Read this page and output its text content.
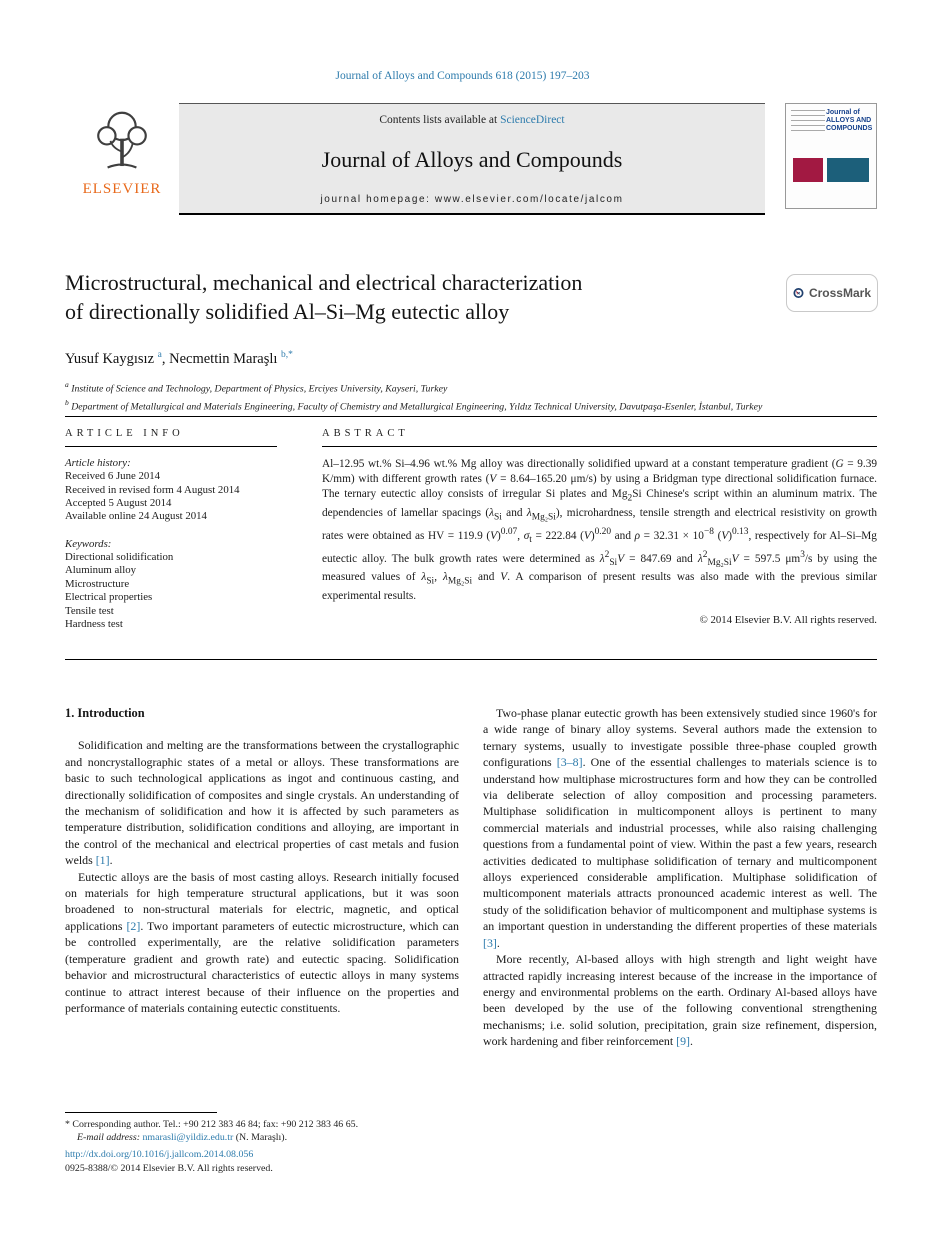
Journal of Alloys and Compounds 618 (2015) 197–203
ELSEVIER
Contents lists available at ScienceDirect
Journal of Alloys and Compounds
journal homepage: www.elsevier.com/locate/jalcom
Journal of ALLOYS AND COMPOUNDS
Microstructural, mechanical and electrical characterization
of directionally solidified Al–Si–Mg eutectic alloy
CrossMark
Yusuf Kaygısız $^a$, Necmettin Maraşlı $^{b,*}$
$^a$ Institute of Science and Technology, Department of Physics, Erciyes University, Kayseri, Turkey
$^b$ Department of Metallurgical and Materials Engineering, Faculty of Chemistry and Metallurgical Engineering, Yıldız Technical University, Davutpaşa-Esenler, İstanbul, Turkey
ARTICLE INFO
Article history:
Received 6 June 2014
Received in revised form 4 August 2014
Accepted 5 August 2014
Available online 24 August 2014
Keywords:
Directional solidification
Aluminum alloy
Microstructure
Electrical properties
Tensile test
Hardness test
ABSTRACT
Al–12.95 wt.% Si–4.96 wt.% Mg alloy was directionally solidified upward at a constant temperature gradient (G = 9.39 K/mm) with different growth rates (V = 8.64–165.20 μm/s) by using a Bridgman type directional solidification furnace. The ternary eutectic alloy consists of irregular Si plates and $Mg_2Si$ Chinese's script within an aluminum matrix. The dependencies of lamellar spacings ($\lambda_{Si}$ and $\lambda_{Mg_2Si}$), microhardness, tensile strength and electrical resistivity on growth rates were obtained as HV = 119.9 $(V)^{0.07}$, $\sigma_t = 222.84$ $(V)^{0.20}$ and $\rho = 32.31 \times 10^{-8}$ $(V)^{0.13}$, respectively for Al–Si–Mg eutectic alloy. The bulk growth rates were determined as $\lambda^2_{Si}V = 847.69$ and $\lambda^2_{Mg_2Si}V = 597.5$ $\mu m^3/s$ by using the measured values of $\lambda_{Si}$, $\lambda_{Mg_2Si}$ and V. A comparison of present results was also made with the previous similar experimental results.
© 2014 Elsevier B.V. All rights reserved.
1. Introduction

Solidification and melting are the transformations between the crystallographic and noncrystallographic states of a metal or alloys. These transformations are basic to such technological applications as ingot and continuous casting, and directionally solidification of composites and single crystals. An understanding of the mechanism of solidification and how it is affected by such parameters as temperature distribution, solidification conditions and alloying, are important in the control of the mechanical and electrical properties of cast metals and fusion welds [1].

Eutectic alloys are the basis of most casting alloys. Research initially focused on materials for high temperature structural applications, but it was soon broadened to non-structural materials for electric, magnetic, and optical applications [2]. Two important parameters of eutectic microstructure, which can be controlled experimentally, are the relative solidification parameters (temperature gradient and growth rate) and eutectic spacing. Solidification behavior and microstructural characteristics of eutectic alloys in many systems continue to attract interest because of their influence on the properties and performance of materials containing eutectic constituents.

Two-phase planar eutectic growth has been extensively studied since 1960's for a wide range of binary alloy systems. Several authors made the extension to ternary systems, usually to investigate possible three-phase coupled growth configurations [3–8]. One of the essential challenges to materials science is to understand how multiphase microstructures form and how they can be controlled via deliberate selection of alloy composition and processing parameters. Multiphase solidification in multicomponent alloys is pertinent to many commercial materials and industrial processes, while also raising challenging questions from a fundamental point of view. Within the past a few years, research activities dedicated to multiphase solidification of ternary and multicomponent alloys experienced considerable amplification. Multiphase solidification of multicomponent materials attracts pronounced academic interest as well. The study of the solidification behavior of multicomponent and multiphase systems is an important question in understanding the different properties of these materials [3].

More recently, Al-based alloys with high strength and light weight have attracted rapidly increasing interest because of the increase in the importance of energy and environmental problems on the earth. Ordinary Al-based alloys have been developed by the use of the following conventional strengthening mechanisms; i.e. solid solution, precipitation, grain size refinement, dispersion, work hardening and fiber reinforcement [9].

* Corresponding author. Tel.: +90 212 383 46 84; fax: +90 212 383 46 65.
E-mail address: nmarasli@yildiz.edu.tr (N. Maraşlı).
http://dx.doi.org/10.1016/j.jallcom.2014.08.056
0925-8388/© 2014 Elsevier B.V. All rights reserved.
